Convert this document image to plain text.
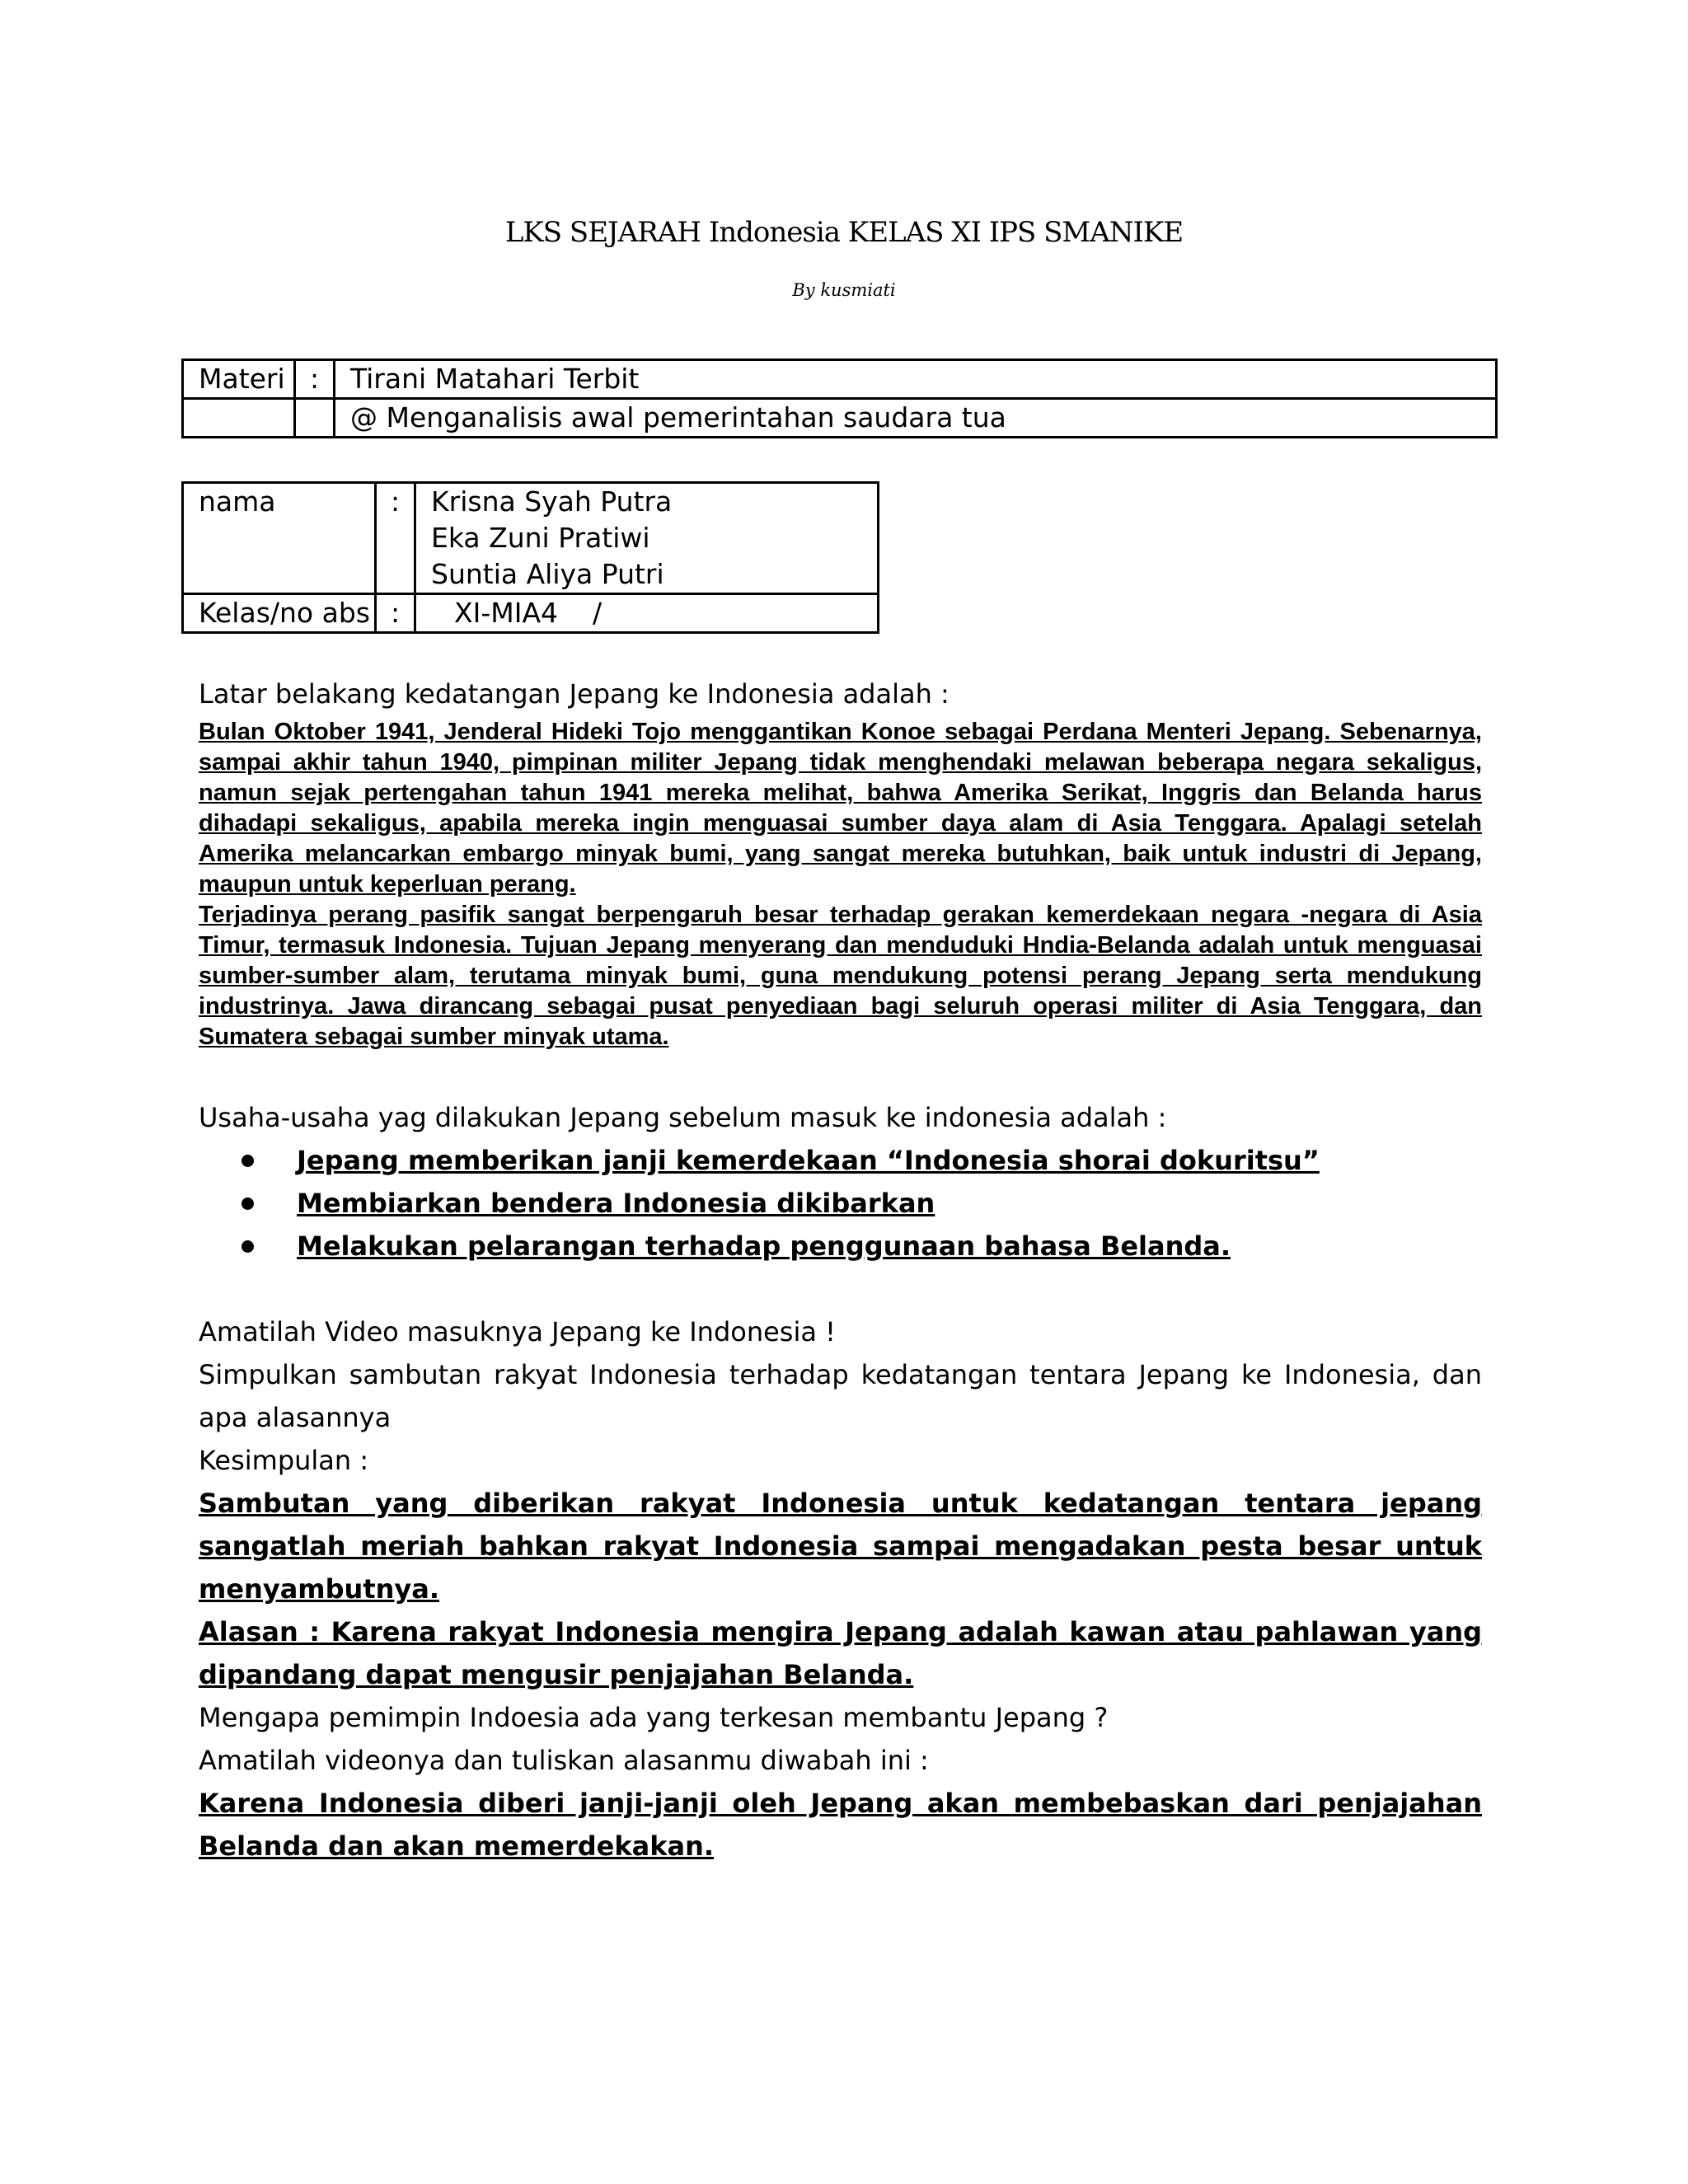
LKS SEJARAH Indonesia KELAS XI IPS SMANIKE
By kusmiati
Materi	:	Tirani Matahari Terbit
		@ Menganalisis awal pemerintahan saudara tua
nama	:	Krisna Syah Putra
Eka Zuni Pratiwi
Suntia Aliya Putri

Kelas/no abs	:	XI-MIA4    /
Latar belakang kedatangan Jepang ke Indonesia adalah :

Bulan Oktober 1941, Jenderal Hideki Tojo menggantikan Konoe sebagai Perdana Menteri Jepang. Sebenarnya, sampai akhir tahun 1940, pimpinan militer Jepang tidak menghendaki melawan beberapa negara sekaligus, namun sejak pertengahan tahun 1941 mereka melihat, bahwa Amerika Serikat, Inggris dan Belanda harus dihadapi sekaligus, apabila mereka ingin menguasai sumber daya alam di Asia Tenggara. Apalagi setelah Amerika melancarkan embargo minyak bumi, yang sangat mereka butuhkan, baik untuk industri di Jepang, maupun untuk keperluan perang.

Terjadinya perang pasifik sangat berpengaruh besar terhadap gerakan kemerdekaan negara -negara di Asia Timur, termasuk Indonesia. Tujuan Jepang menyerang dan menduduki Hndia-Belanda adalah untuk menguasai sumber-sumber alam, terutama minyak bumi, guna mendukung potensi perang Jepang serta mendukung industrinya. Jawa dirancang sebagai pusat penyediaan bagi seluruh operasi militer di Asia Tenggara, dan Sumatera sebagai sumber minyak utama.

Usaha-usaha yag dilakukan Jepang sebelum masuk ke indonesia adalah :
Jepang memberikan janji kemerdekaan “Indonesia shorai dokuritsu”
Membiarkan bendera Indonesia dikibarkan
Melakukan pelarangan terhadap penggunaan bahasa Belanda.
Amatilah Video masuknya Jepang ke Indonesia !
Simpulkan sambutan rakyat Indonesia terhadap kedatangan tentara Jepang ke Indonesia, dan apa alasannya
Kesimpulan :
Sambutan yang diberikan rakyat Indonesia untuk kedatangan tentara jepang sangatlah meriah bahkan rakyat Indonesia sampai mengadakan pesta besar untuk menyambutnya.
Alasan : Karena rakyat Indonesia mengira Jepang adalah kawan atau pahlawan yang dipandang dapat mengusir penjajahan Belanda.
Mengapa pemimpin Indoesia ada yang terkesan membantu Jepang ?
Amatilah videonya dan tuliskan alasanmu diwabah ini :
Karena Indonesia diberi janji-janji oleh Jepang akan membebaskan dari penjajahan Belanda dan akan memerdekakan.
